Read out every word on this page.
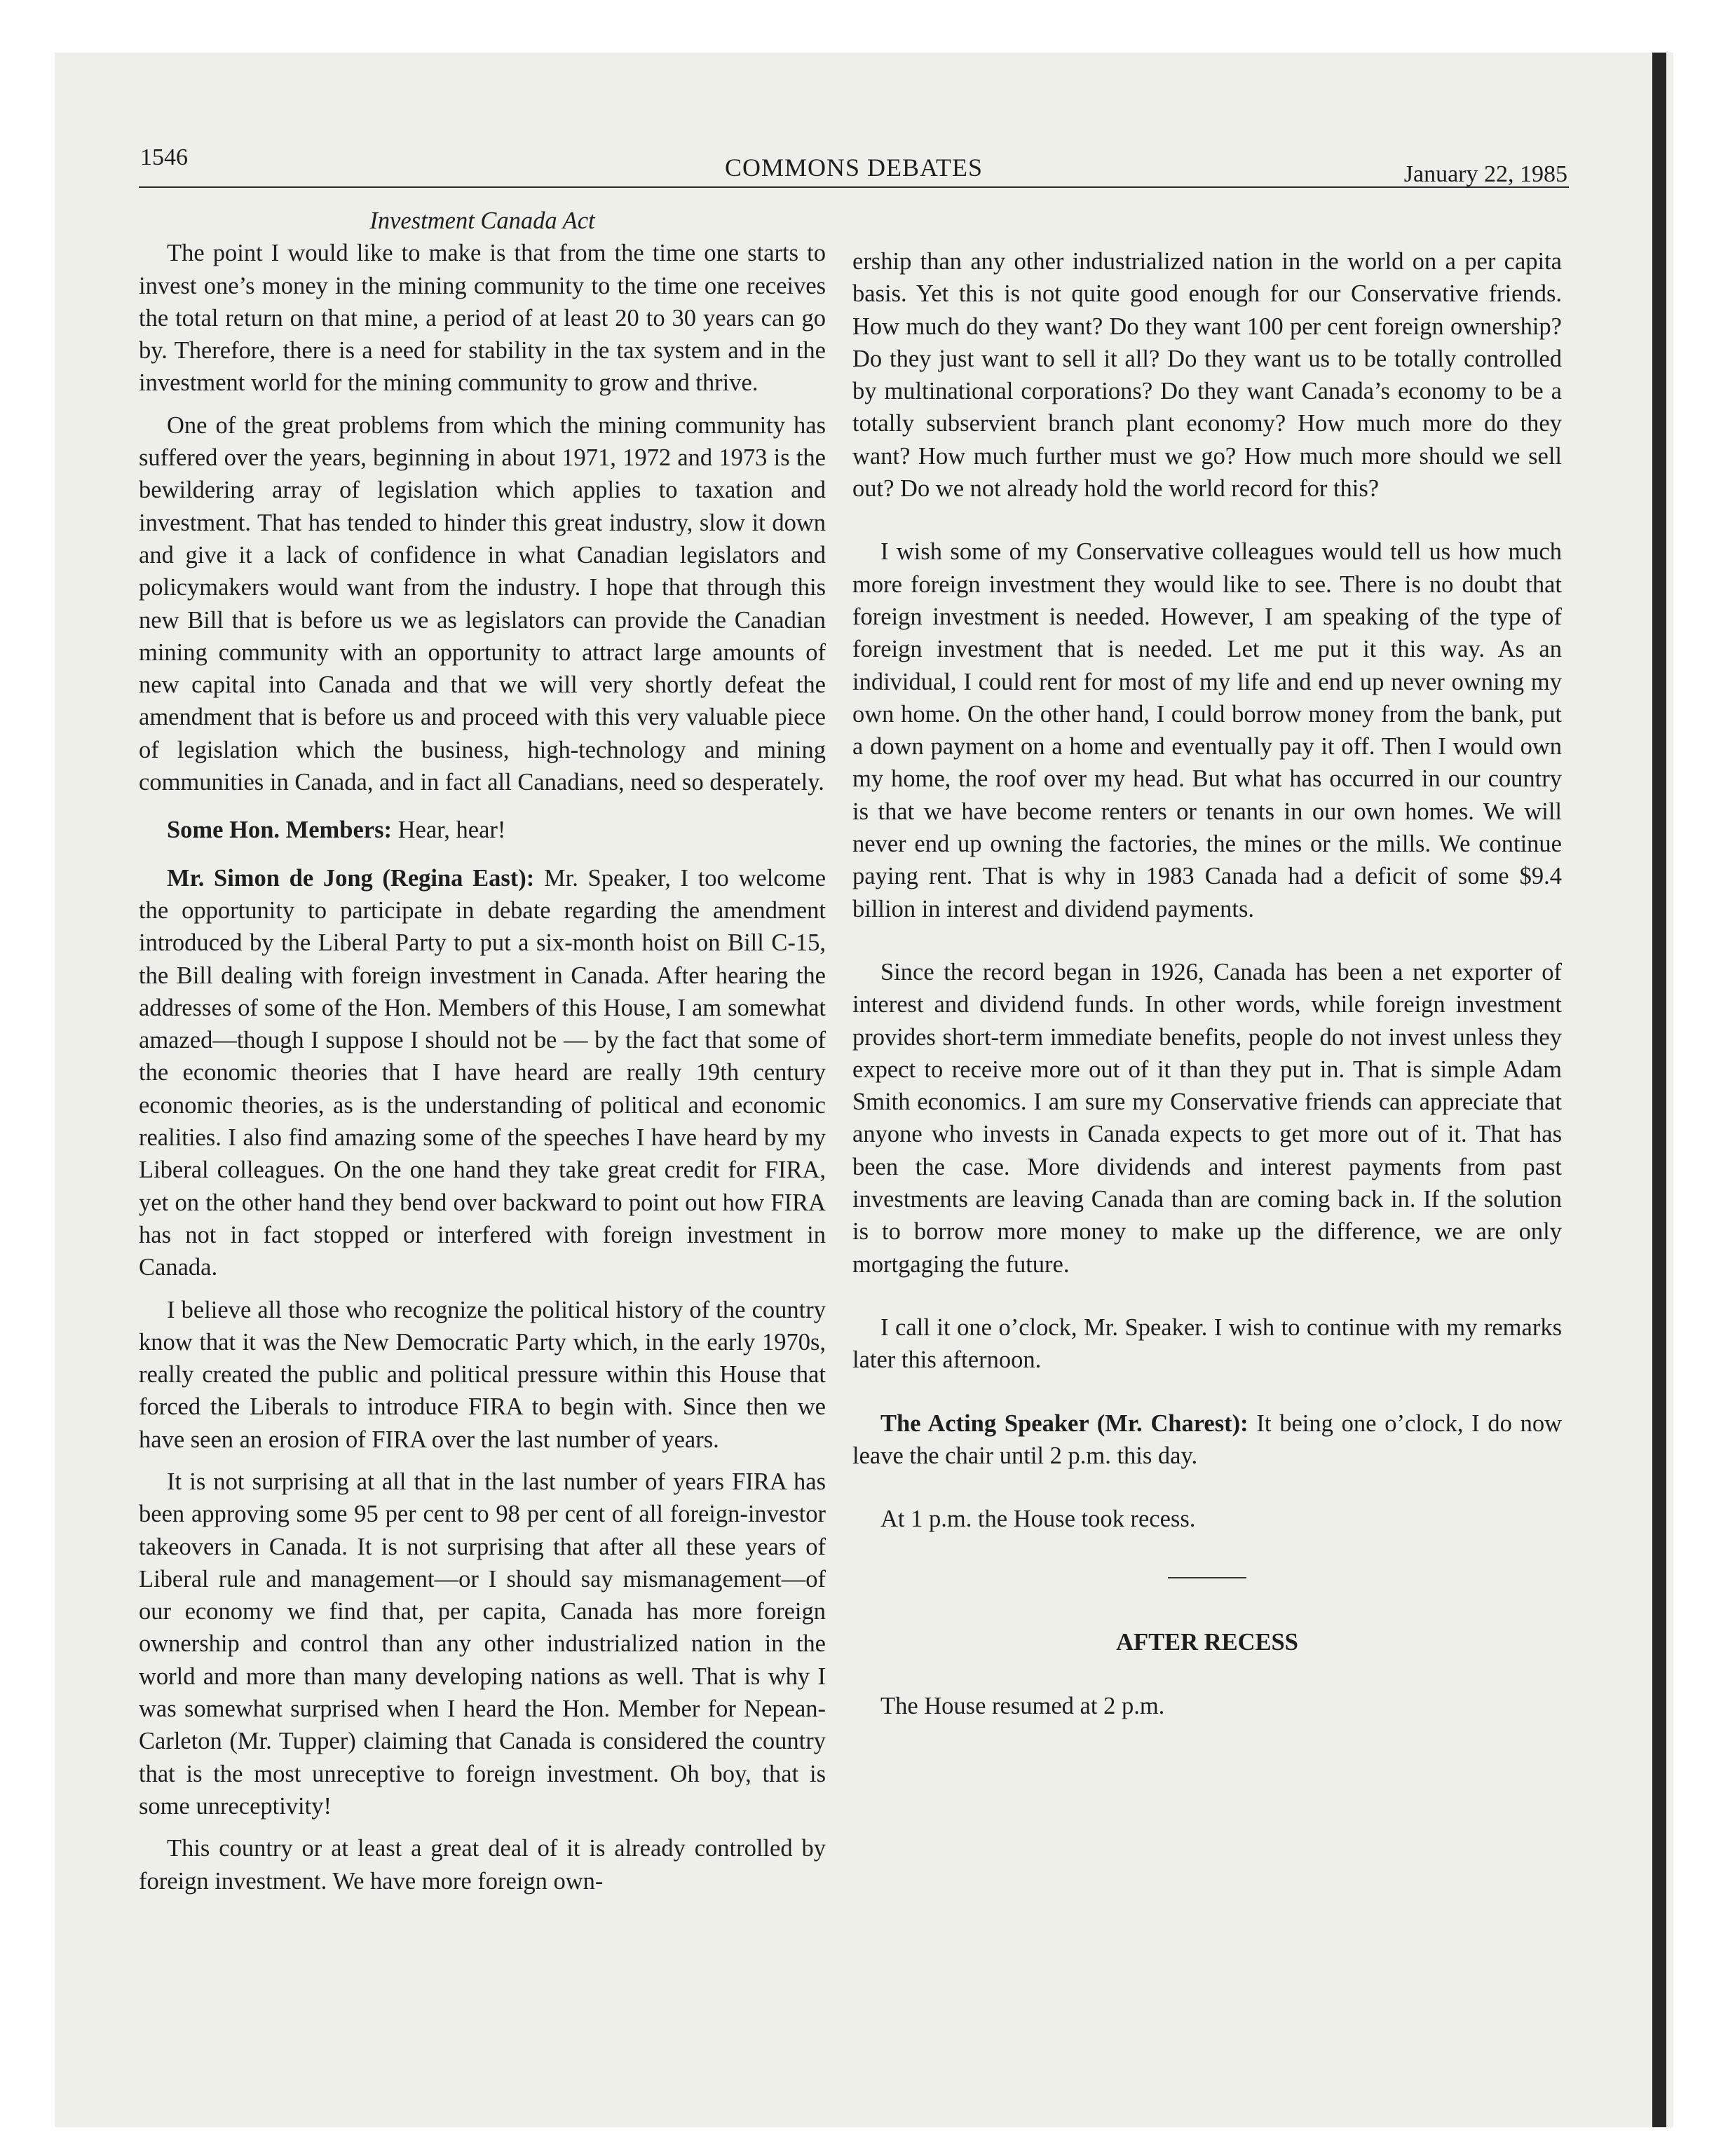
1546	COMMONS DEBATES	January 22, 1985

Investment Canada Act

The point I would like to make is that from the time one starts to invest one’s money in the mining community to the time one receives the total return on that mine, a period of at least 20 to 30 years can go by. Therefore, there is a need for stability in the tax system and in the investment world for the mining community to grow and thrive.

One of the great problems from which the mining community has suffered over the years, beginning in about 1971, 1972 and 1973 is the bewildering array of legislation which applies to taxation and investment. That has tended to hinder this great industry, slow it down and give it a lack of confidence in what Canadian legislators and policymakers would want from the industry. I hope that through this new Bill that is before us we as legislators can provide the Canadian mining community with an opportunity to attract large amounts of new capital into Canada and that we will very shortly defeat the amendment that is before us and proceed with this very valuable piece of legislation which the business, high-technology and mining communities in Canada, and in fact all Canadians, need so desperately.

Some Hon. Members: Hear, hear!

Mr. Simon de Jong (Regina East): Mr. Speaker, I too welcome the opportunity to participate in debate regarding the amendment introduced by the Liberal Party to put a six-month hoist on Bill C-15, the Bill dealing with foreign investment in Canada. After hearing the addresses of some of the Hon. Members of this House, I am somewhat amazed—though I suppose I should not be — by the fact that some of the economic theories that I have heard are really 19th century economic theories, as is the understanding of political and economic realities. I also find amazing some of the speeches I have heard by my Liberal colleagues. On the one hand they take great credit for FIRA, yet on the other hand they bend over backward to point out how FIRA has not in fact stopped or interfered with foreign investment in Canada.

I believe all those who recognize the political history of the country know that it was the New Democratic Party which, in the early 1970s, really created the public and political pressure within this House that forced the Liberals to introduce FIRA to begin with. Since then we have seen an erosion of FIRA over the last number of years.

It is not surprising at all that in the last number of years FIRA has been approving some 95 per cent to 98 per cent of all foreign-investor takeovers in Canada. It is not surprising that after all these years of Liberal rule and management—or I should say mismanagement—of our economy we find that, per capita, Canada has more foreign ownership and control than any other industrialized nation in the world and more than many developing nations as well. That is why I was somewhat surprised when I heard the Hon. Member for Nepean-Carleton (Mr. Tupper) claiming that Canada is considered the country that is the most unreceptive to foreign investment. Oh boy, that is some unreceptivity!

This country or at least a great deal of it is already controlled by foreign investment. We have more foreign own-

ership than any other industrialized nation in the world on a per capita basis. Yet this is not quite good enough for our Conservative friends. How much do they want? Do they want 100 per cent foreign ownership? Do they just want to sell it all? Do they want us to be totally controlled by multinational corporations? Do they want Canada’s economy to be a totally subservient branch plant economy? How much more do they want? How much further must we go? How much more should we sell out? Do we not already hold the world record for this?

I wish some of my Conservative colleagues would tell us how much more foreign investment they would like to see. There is no doubt that foreign investment is needed. However, I am speaking of the type of foreign investment that is needed. Let me put it this way. As an individual, I could rent for most of my life and end up never owning my own home. On the other hand, I could borrow money from the bank, put a down payment on a home and eventually pay it off. Then I would own my home, the roof over my head. But what has occurred in our country is that we have become renters or tenants in our own homes. We will never end up owning the factories, the mines or the mills. We continue paying rent. That is why in 1983 Canada had a deficit of some $9.4 billion in interest and dividend payments.

Since the record began in 1926, Canada has been a net exporter of interest and dividend funds. In other words, while foreign investment provides short-term immediate benefits, people do not invest unless they expect to receive more out of it than they put in. That is simple Adam Smith economics. I am sure my Conservative friends can appreciate that anyone who invests in Canada expects to get more out of it. That has been the case. More dividends and interest payments from past investments are leaving Canada than are coming back in. If the solution is to borrow more money to make up the difference, we are only mortgaging the future.

I call it one o’clock, Mr. Speaker. I wish to continue with my remarks later this afternoon.

The Acting Speaker (Mr. Charest): It being one o’clock, I do now leave the chair until 2 p.m. this day.

At 1 p.m. the House took recess.

AFTER RECESS

The House resumed at 2 p.m.
